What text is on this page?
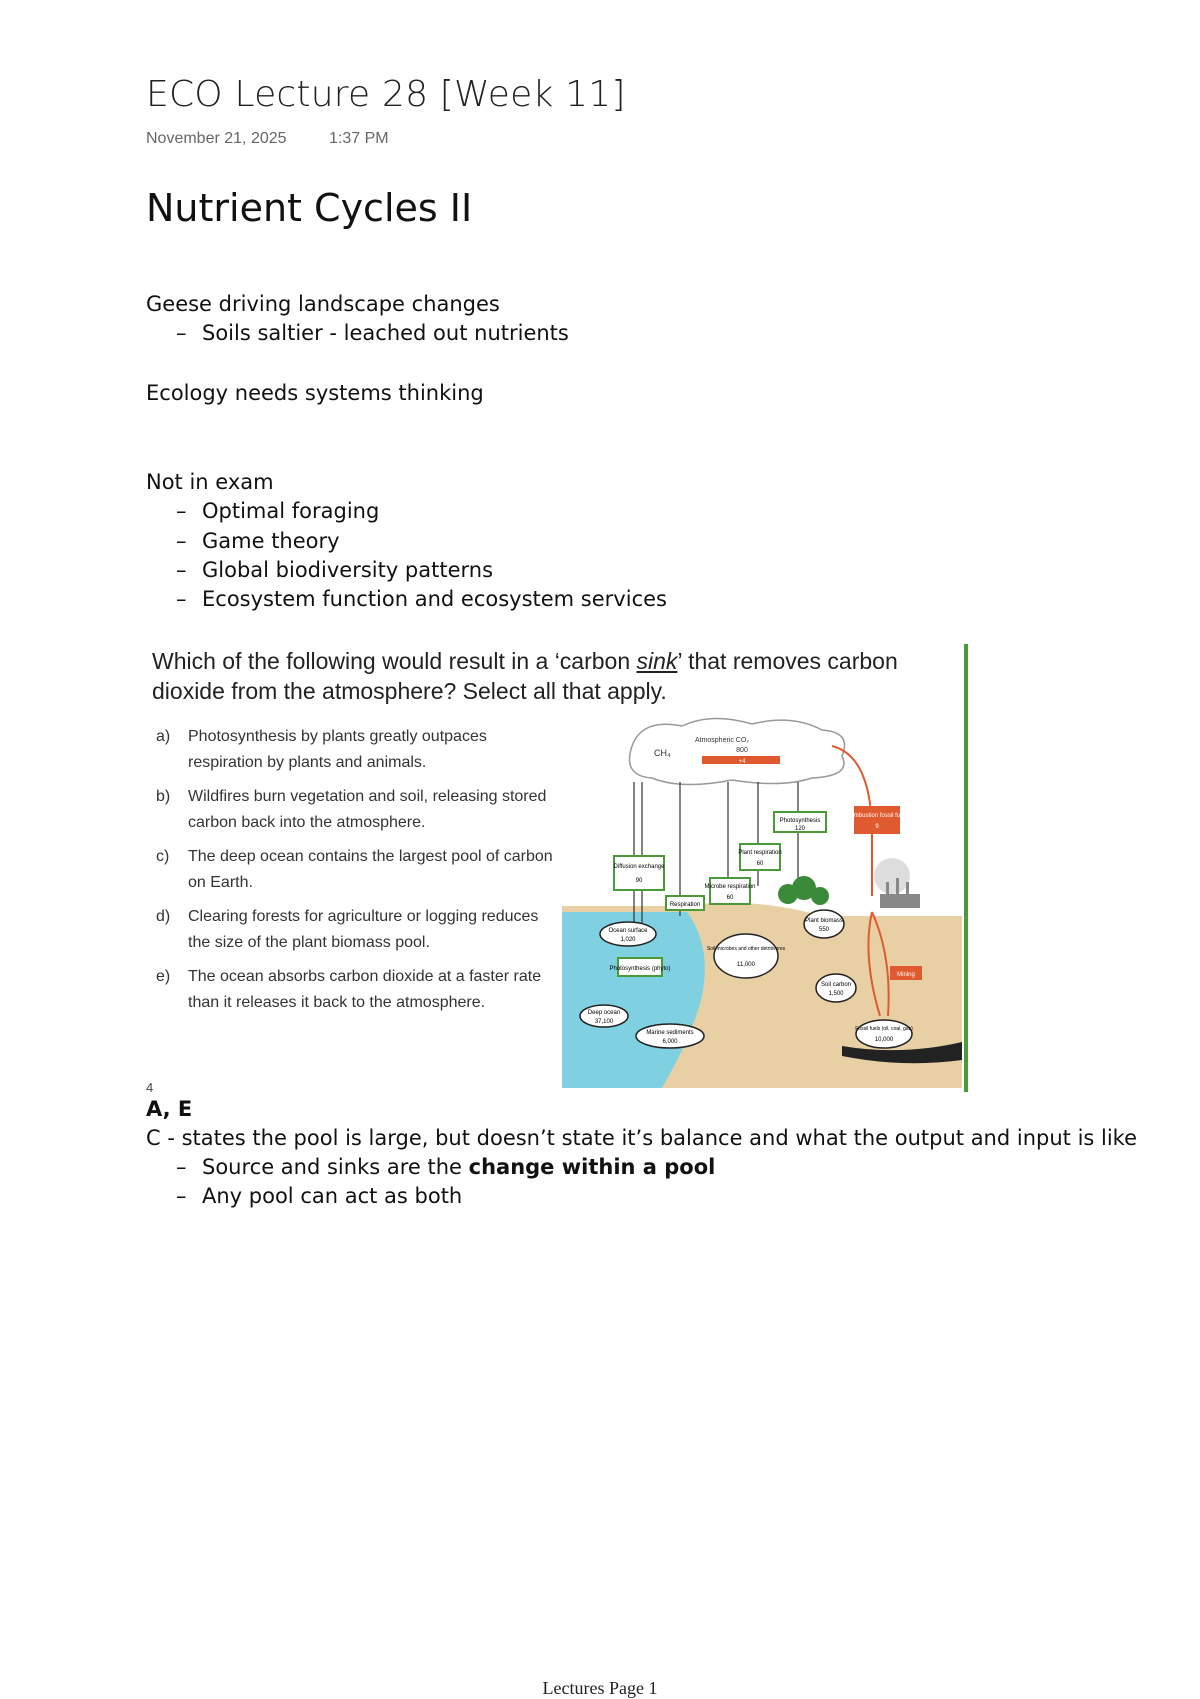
ECO Lecture 28 [Week 11]
November 21, 2025	1:37 PM
Nutrient Cycles II
Geese driving landscape changes
– Soils saltier - leached out nutrients
Ecology needs systems thinking
Not in exam
– Optimal foraging
– Game theory
– Global biodiversity patterns
– Ecosystem function and ecosystem services
Which of the following would result in a ‘carbon sink’ that removes carbon dioxide from the atmosphere? Select all that apply.
a) Photosynthesis by plants greatly outpaces respiration by plants and animals.
b) Wildfires burn vegetation and soil, releasing stored carbon back into the atmosphere.
c) The deep ocean contains the largest pool of carbon on Earth.
d) Clearing forests for agriculture or logging reduces the size of the plant biomass pool.
e) The ocean absorbs carbon dioxide at a faster rate than it releases it back to the atmosphere.
CH₄
Atmospheric CO₂
800
+4
Combustion fossil fuels
9
Diffusion exchange
90
Plant respiration
60
Photosynthesis
120
Microbe respiration
60
Respiration
Photosynthesis (phyto)
Ocean surface
1,020
Deep ocean
37,100
Marine sediments
6,000
Soil microbes and other detritivores
11,000
Plant biomass
550
Soil carbon
1,500
Fossil fuels (oil, coal, gas)
10,000
Mining
4
A, E
C - states the pool is large, but doesn’t state it’s balance and what the output and input is like
– Source and sinks are the change within a pool
– Any pool can act as both
Lectures Page 1
